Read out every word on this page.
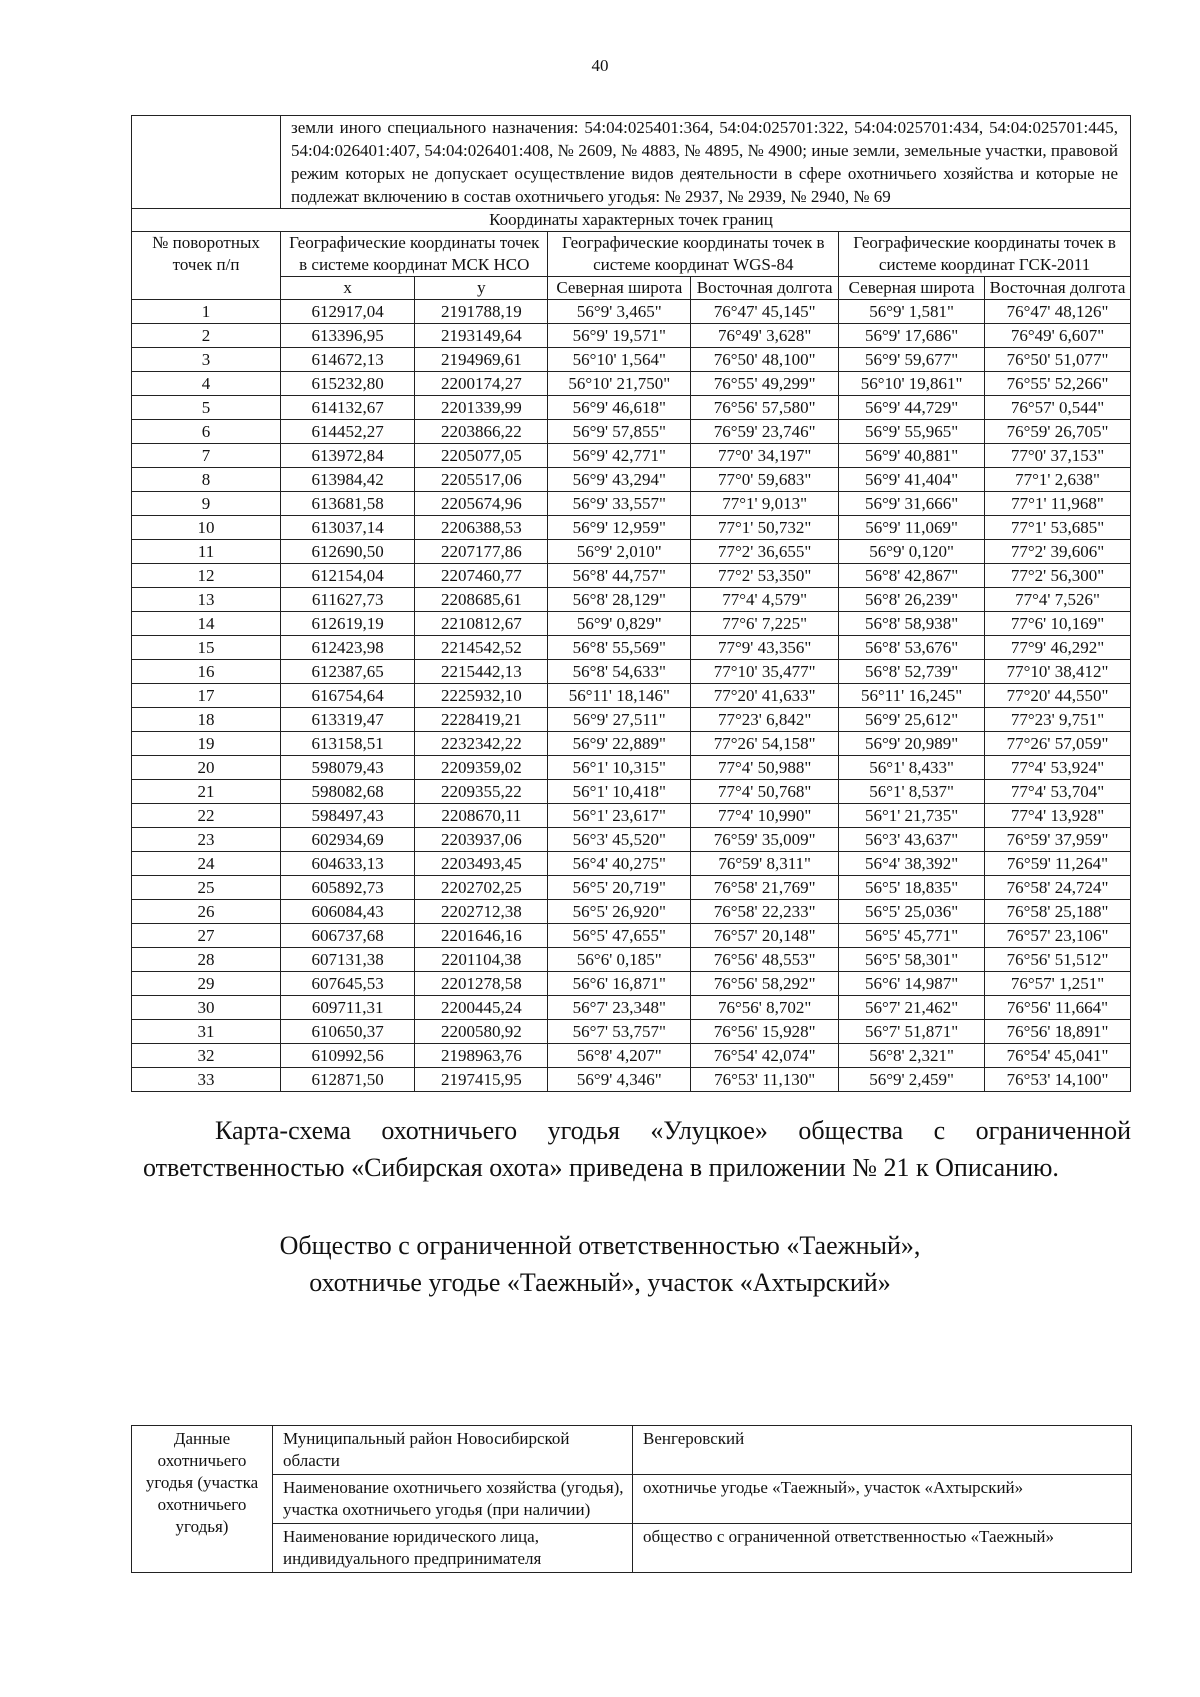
40
	земли иного специального назначения: 54:04:025401:364, 54:04:025701:322, 54:04:025701:434, 54:04:025701:445, 54:04:026401:407, 54:04:026401:408, № 2609, № 4883, № 4895, № 4900; иные земли, земельные участки, правовой режим которых не допускает осуществление видов деятельности в сфере охотничьего хозяйства и которые не подлежат включению в состав охотничьего угодья: № 2937, № 2939, № 2940, № 69					
Координаты характерных точек границ						
№ поворотных точек п/п	Географические координаты точек в системе координат МСК НСО		Географические координаты точек в системе координат WGS-84		Географические координаты точек в системе координат ГСК-2011	
	x	y	Северная широта	Восточная долгота	Северная широта	Восточная долгота
1	612917,04	2191788,19	56°9' 3,465"	76°47' 45,145"	56°9' 1,581"	76°47' 48,126"
2	613396,95	2193149,64	56°9' 19,571"	76°49' 3,628"	56°9' 17,686"	76°49' 6,607"
3	614672,13	2194969,61	56°10' 1,564"	76°50' 48,100"	56°9' 59,677"	76°50' 51,077"
4	615232,80	2200174,27	56°10' 21,750"	76°55' 49,299"	56°10' 19,861"	76°55' 52,266"
5	614132,67	2201339,99	56°9' 46,618"	76°56' 57,580"	56°9' 44,729"	76°57' 0,544"
6	614452,27	2203866,22	56°9' 57,855"	76°59' 23,746"	56°9' 55,965"	76°59' 26,705"
7	613972,84	2205077,05	56°9' 42,771"	77°0' 34,197"	56°9' 40,881"	77°0' 37,153"
8	613984,42	2205517,06	56°9' 43,294"	77°0' 59,683"	56°9' 41,404"	77°1' 2,638"
9	613681,58	2205674,96	56°9' 33,557"	77°1' 9,013"	56°9' 31,666"	77°1' 11,968"
10	613037,14	2206388,53	56°9' 12,959"	77°1' 50,732"	56°9' 11,069"	77°1' 53,685"
11	612690,50	2207177,86	56°9' 2,010"	77°2' 36,655"	56°9' 0,120"	77°2' 39,606"
12	612154,04	2207460,77	56°8' 44,757"	77°2' 53,350"	56°8' 42,867"	77°2' 56,300"
13	611627,73	2208685,61	56°8' 28,129"	77°4' 4,579"	56°8' 26,239"	77°4' 7,526"
14	612619,19	2210812,67	56°9' 0,829"	77°6' 7,225"	56°8' 58,938"	77°6' 10,169"
15	612423,98	2214542,52	56°8' 55,569"	77°9' 43,356"	56°8' 53,676"	77°9' 46,292"
16	612387,65	2215442,13	56°8' 54,633"	77°10' 35,477"	56°8' 52,739"	77°10' 38,412"
17	616754,64	2225932,10	56°11' 18,146"	77°20' 41,633"	56°11' 16,245"	77°20' 44,550"
18	613319,47	2228419,21	56°9' 27,511"	77°23' 6,842"	56°9' 25,612"	77°23' 9,751"
19	613158,51	2232342,22	56°9' 22,889"	77°26' 54,158"	56°9' 20,989"	77°26' 57,059"
20	598079,43	2209359,02	56°1' 10,315"	77°4' 50,988"	56°1' 8,433"	77°4' 53,924"
21	598082,68	2209355,22	56°1' 10,418"	77°4' 50,768"	56°1' 8,537"	77°4' 53,704"
22	598497,43	2208670,11	56°1' 23,617"	77°4' 10,990"	56°1' 21,735"	77°4' 13,928"
23	602934,69	2203937,06	56°3' 45,520"	76°59' 35,009"	56°3' 43,637"	76°59' 37,959"
24	604633,13	2203493,45	56°4' 40,275"	76°59' 8,311"	56°4' 38,392"	76°59' 11,264"
25	605892,73	2202702,25	56°5' 20,719"	76°58' 21,769"	56°5' 18,835"	76°58' 24,724"
26	606084,43	2202712,38	56°5' 26,920"	76°58' 22,233"	56°5' 25,036"	76°58' 25,188"
27	606737,68	2201646,16	56°5' 47,655"	76°57' 20,148"	56°5' 45,771"	76°57' 23,106"
28	607131,38	2201104,38	56°6' 0,185"	76°56' 48,553"	56°5' 58,301"	76°56' 51,512"
29	607645,53	2201278,58	56°6' 16,871"	76°56' 58,292"	56°6' 14,987"	76°57' 1,251"
30	609711,31	2200445,24	56°7' 23,348"	76°56' 8,702"	56°7' 21,462"	76°56' 11,664"
31	610650,37	2200580,92	56°7' 53,757"	76°56' 15,928"	56°7' 51,871"	76°56' 18,891"
32	610992,56	2198963,76	56°8' 4,207"	76°54' 42,074"	56°8' 2,321"	76°54' 45,041"
33	612871,50	2197415,95	56°9' 4,346"	76°53' 11,130"	56°9' 2,459"	76°53' 14,100"
Карта-схема охотничьего угодья «Улуцкое» общества с ограниченной ответственностью «Сибирская охота» приведена в приложении № 21 к Описанию.
Общество с ограниченной ответственностью «Таежный»,
охотничье угодье «Таежный», участок «Ахтырский»
Данные охотничьего угодья (участка охотничьего угодья)	Муниципальный район Новосибирской области	Венгеровский
	Наименование охотничьего хозяйства (угодья), участка охотничьего угодья (при наличии)	охотничье угодье «Таежный», участок «Ахтырский»
	Наименование юридического лица, индивидуального предпринимателя	общество с ограниченной ответственностью «Таежный»
